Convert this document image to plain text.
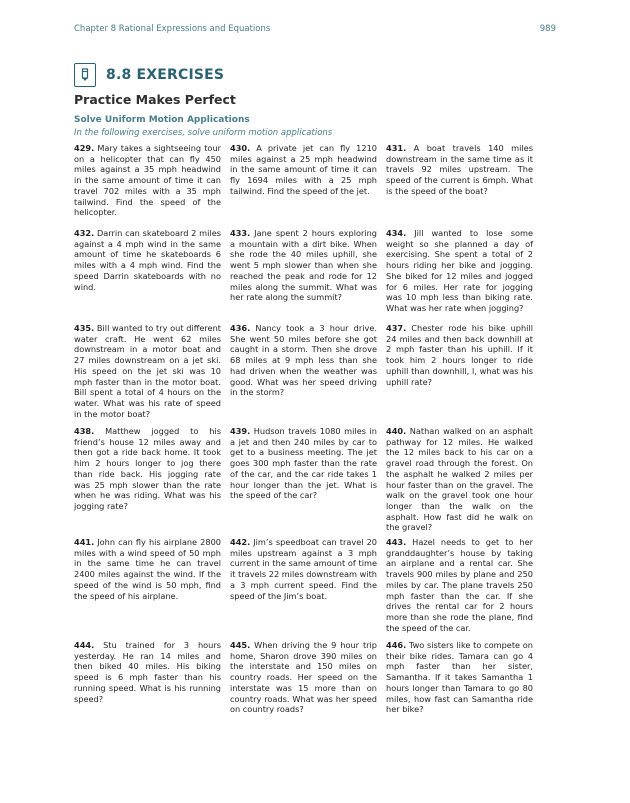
Chapter 8 Rational Expressions and Equations	989
8.8 EXERCISES
Practice Makes Perfect
Solve Uniform Motion Applications
In the following exercises, solve uniform motion applications
429. Mary takes a sightseeing tour on a helicopter that can fly 450 miles against a 35 mph headwind in the same amount of time it can travel 702 miles with a 35 mph tailwind. Find the speed of the helicopter.
430. A private jet can fly 1210 miles against a 25 mph headwind in the same amount of time it can fly 1694 miles with a 25 mph tailwind. Find the speed of the jet.
431. A boat travels 140 miles downstream in the same time as it travels 92 miles upstream. The speed of the current is 6mph. What is the speed of the boat?
432. Darrin can skateboard 2 miles against a 4 mph wind in the same amount of time he skateboards 6 miles with a 4 mph wind. Find the speed Darrin skateboards with no wind.
433. Jane spent 2 hours exploring a mountain with a dirt bike. When she rode the 40 miles uphill, she went 5 mph slower than when she reached the peak and rode for 12 miles along the summit. What was her rate along the summit?
434. Jill wanted to lose some weight so she planned a day of exercising. She spent a total of 2 hours riding her bike and jogging. She biked for 12 miles and jogged for 6 miles. Her rate for jogging was 10 mph less than biking rate. What was her rate when jogging?
435. Bill wanted to try out different water craft. He went 62 miles downstream in a motor boat and 27 miles downstream on a jet ski. His speed on the jet ski was 10 mph faster than in the motor boat. Bill spent a total of 4 hours on the water. What was his rate of speed in the motor boat?
436. Nancy took a 3 hour drive. She went 50 miles before she got caught in a storm. Then she drove 68 miles at 9 mph less than she had driven when the weather was good. What was her speed driving in the storm?
437. Chester rode his bike uphill 24 miles and then back downhill at 2 mph faster than his uphill. If it took him 2 hours longer to ride uphill than downhill, l, what was his uphill rate?
438. Matthew jogged to his friend’s house 12 miles away and then got a ride back home. It took him 2 hours longer to jog there than ride back. His jogging rate was 25 mph slower than the rate when he was riding. What was his jogging rate?
439. Hudson travels 1080 miles in a jet and then 240 miles by car to get to a business meeting. The jet goes 300 mph faster than the rate of the car, and the car ride takes 1 hour longer than the jet. What is the speed of the car?
440. Nathan walked on an asphalt pathway for 12 miles. He walked the 12 miles back to his car on a gravel road through the forest. On the asphalt he walked 2 miles per hour faster than on the gravel. The walk on the gravel took one hour longer than the walk on the asphalt. How fast did he walk on the gravel?
441. John can fly his airplane 2800 miles with a wind speed of 50 mph in the same time he can travel 2400 miles against the wind. If the speed of the wind is 50 mph, find the speed of his airplane.
442. Jim’s speedboat can travel 20 miles upstream against a 3 mph current in the same amount of time it travels 22 miles downstream with a 3 mph current speed. Find the speed of the Jim’s boat.
443. Hazel needs to get to her granddaughter’s house by taking an airplane and a rental car. She travels 900 miles by plane and 250 miles by car. The plane travels 250 mph faster than the car. If she drives the rental car for 2 hours more than she rode the plane, find the speed of the car.
444. Stu trained for 3 hours yesterday. He ran 14 miles and then biked 40 miles. His biking speed is 6 mph faster than his running speed. What is his running speed?
445. When driving the 9 hour trip home, Sharon drove 390 miles on the interstate and 150 miles on country roads. Her speed on the interstate was 15 more than on country roads. What was her speed on country roads?
446. Two sisters like to compete on their bike rides. Tamara can go 4 mph faster than her sister, Samantha. If it takes Samantha 1 hours longer than Tamara to go 80 miles, how fast can Samantha ride her bike?
